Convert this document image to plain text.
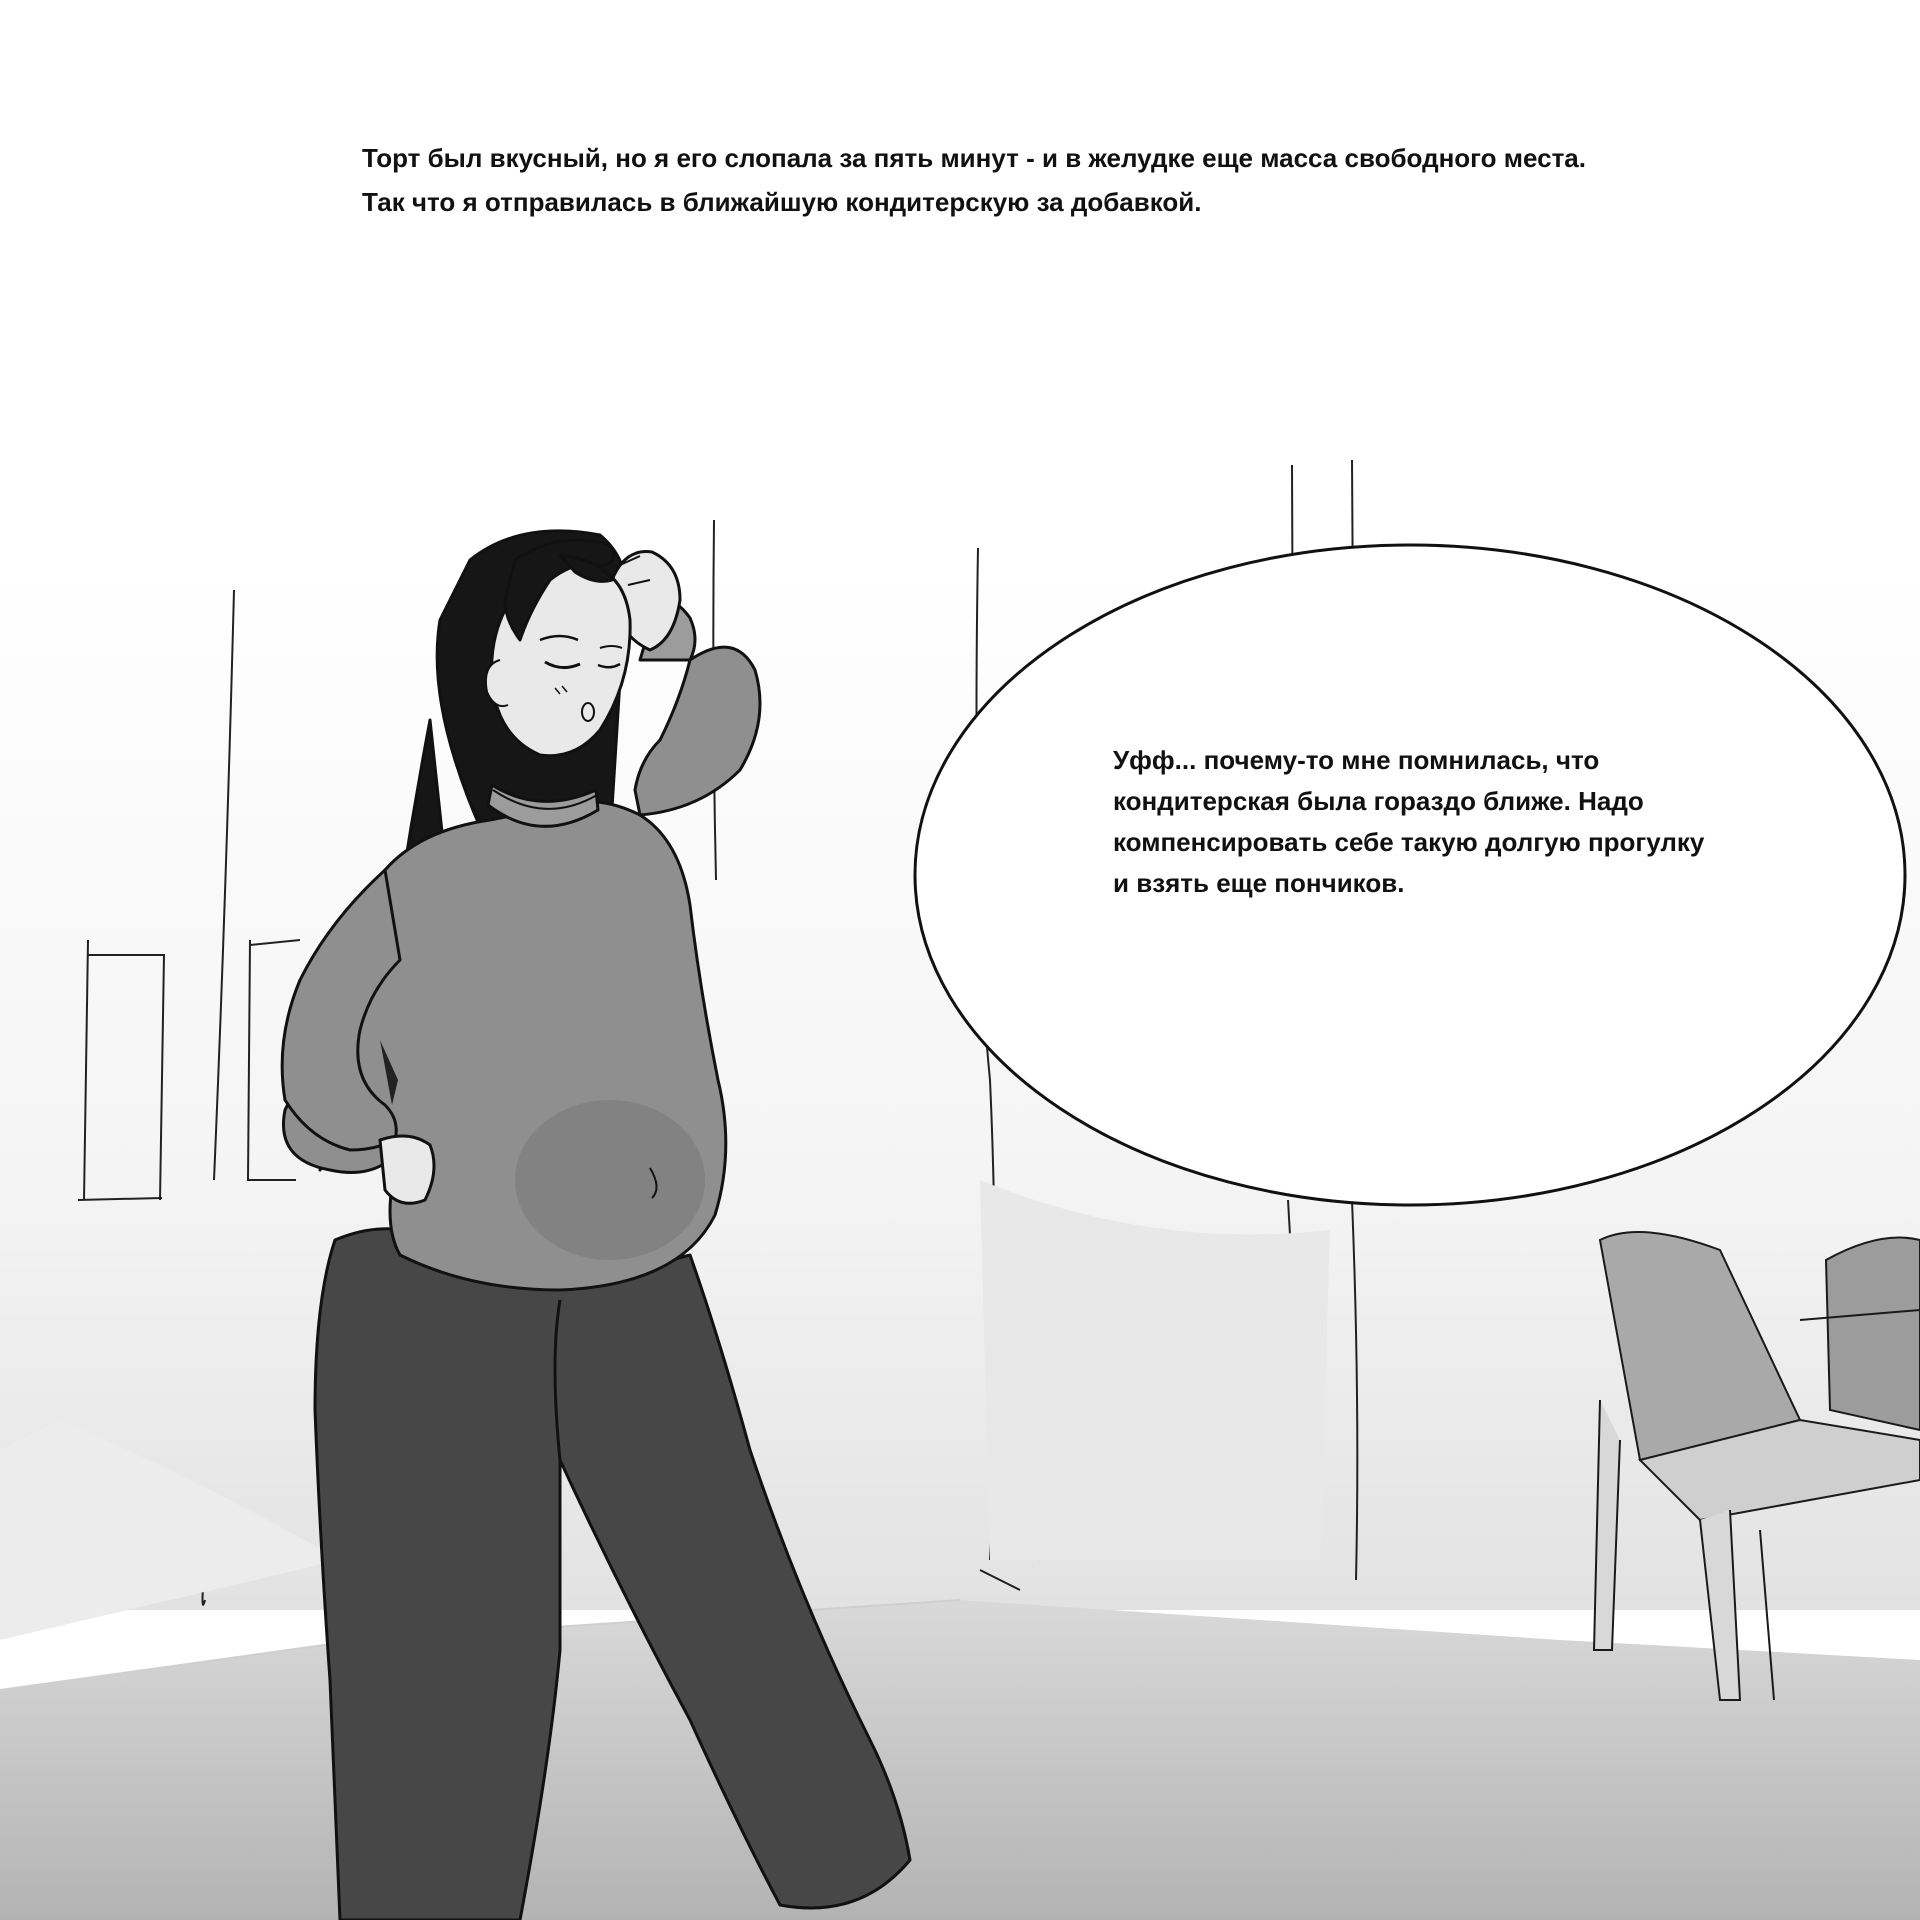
Торт был вкусный, но я его слопала за пять минут - и в желудке еще масса свободного места.
Так что я отправилась в ближайшую кондитерскую за добавкой.
Уфф... почему-то мне помнилась, что
кондитерская была гораздо ближе. Надо
компенсировать себе такую долгую прогулку
и взять еще пончиков.
